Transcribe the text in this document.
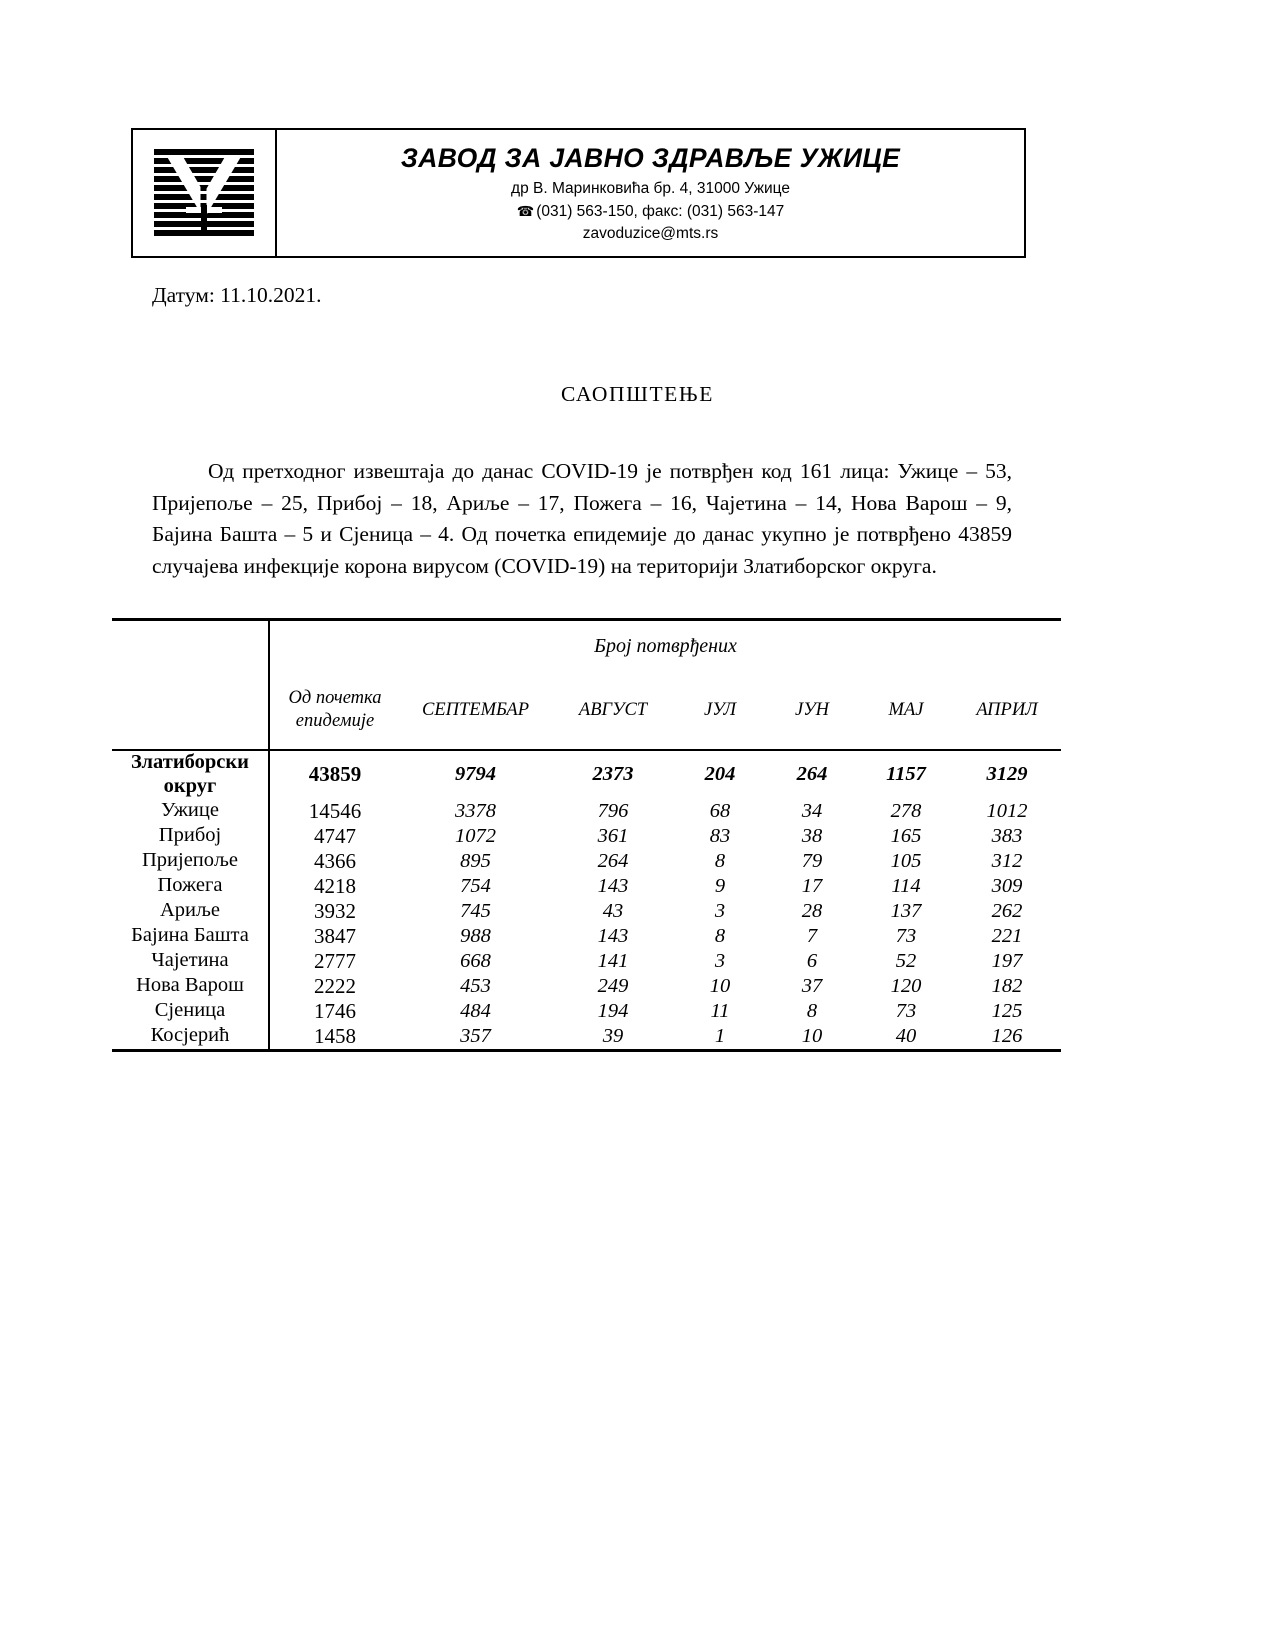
ЗАВОД ЗА ЈАВНО ЗДРАВЉЕ УЖИЦЕ
др В. Маринковића бр. 4, 31000 Ужице
☎ (031) 563-150, факс: (031) 563-147
zavoduzice@mts.rs
Датум: 11.10.2021.
САОПШТЕЊЕ
Од претходног извештаја до данас COVID-19 је потврђен код 161 лица: Ужице – 53, Пријепоље – 25, Прибој – 18, Ариље – 17, Пожега – 16, Чајетина – 14, Нова Варош – 9, Бајина Башта – 5 и Сјеница – 4. Од почетка епидемије до данас укупно је потврђено 43859 случајева инфекције корона вирусом (COVID-19) на територији Златиборског округа.
	Број потврђених						
	Од почетка епидемије	СЕПТЕМБАР	АВГУСТ	ЈУЛ	ЈУН	МАЈ	АПРИЛ
Златиборски округ	43859	9794	2373	204	264	1157	3129
Ужице	14546	3378	796	68	34	278	1012
Прибој	4747	1072	361	83	38	165	383
Пријепоље	4366	895	264	8	79	105	312
Пожега	4218	754	143	9	17	114	309
Ариље	3932	745	43	3	28	137	262
Бајина Башта	3847	988	143	8	7	73	221
Чајетина	2777	668	141	3	6	52	197
Нова Варош	2222	453	249	10	37	120	182
Сјеница	1746	484	194	11	8	73	125
Косјерић	1458	357	39	1	10	40	126
